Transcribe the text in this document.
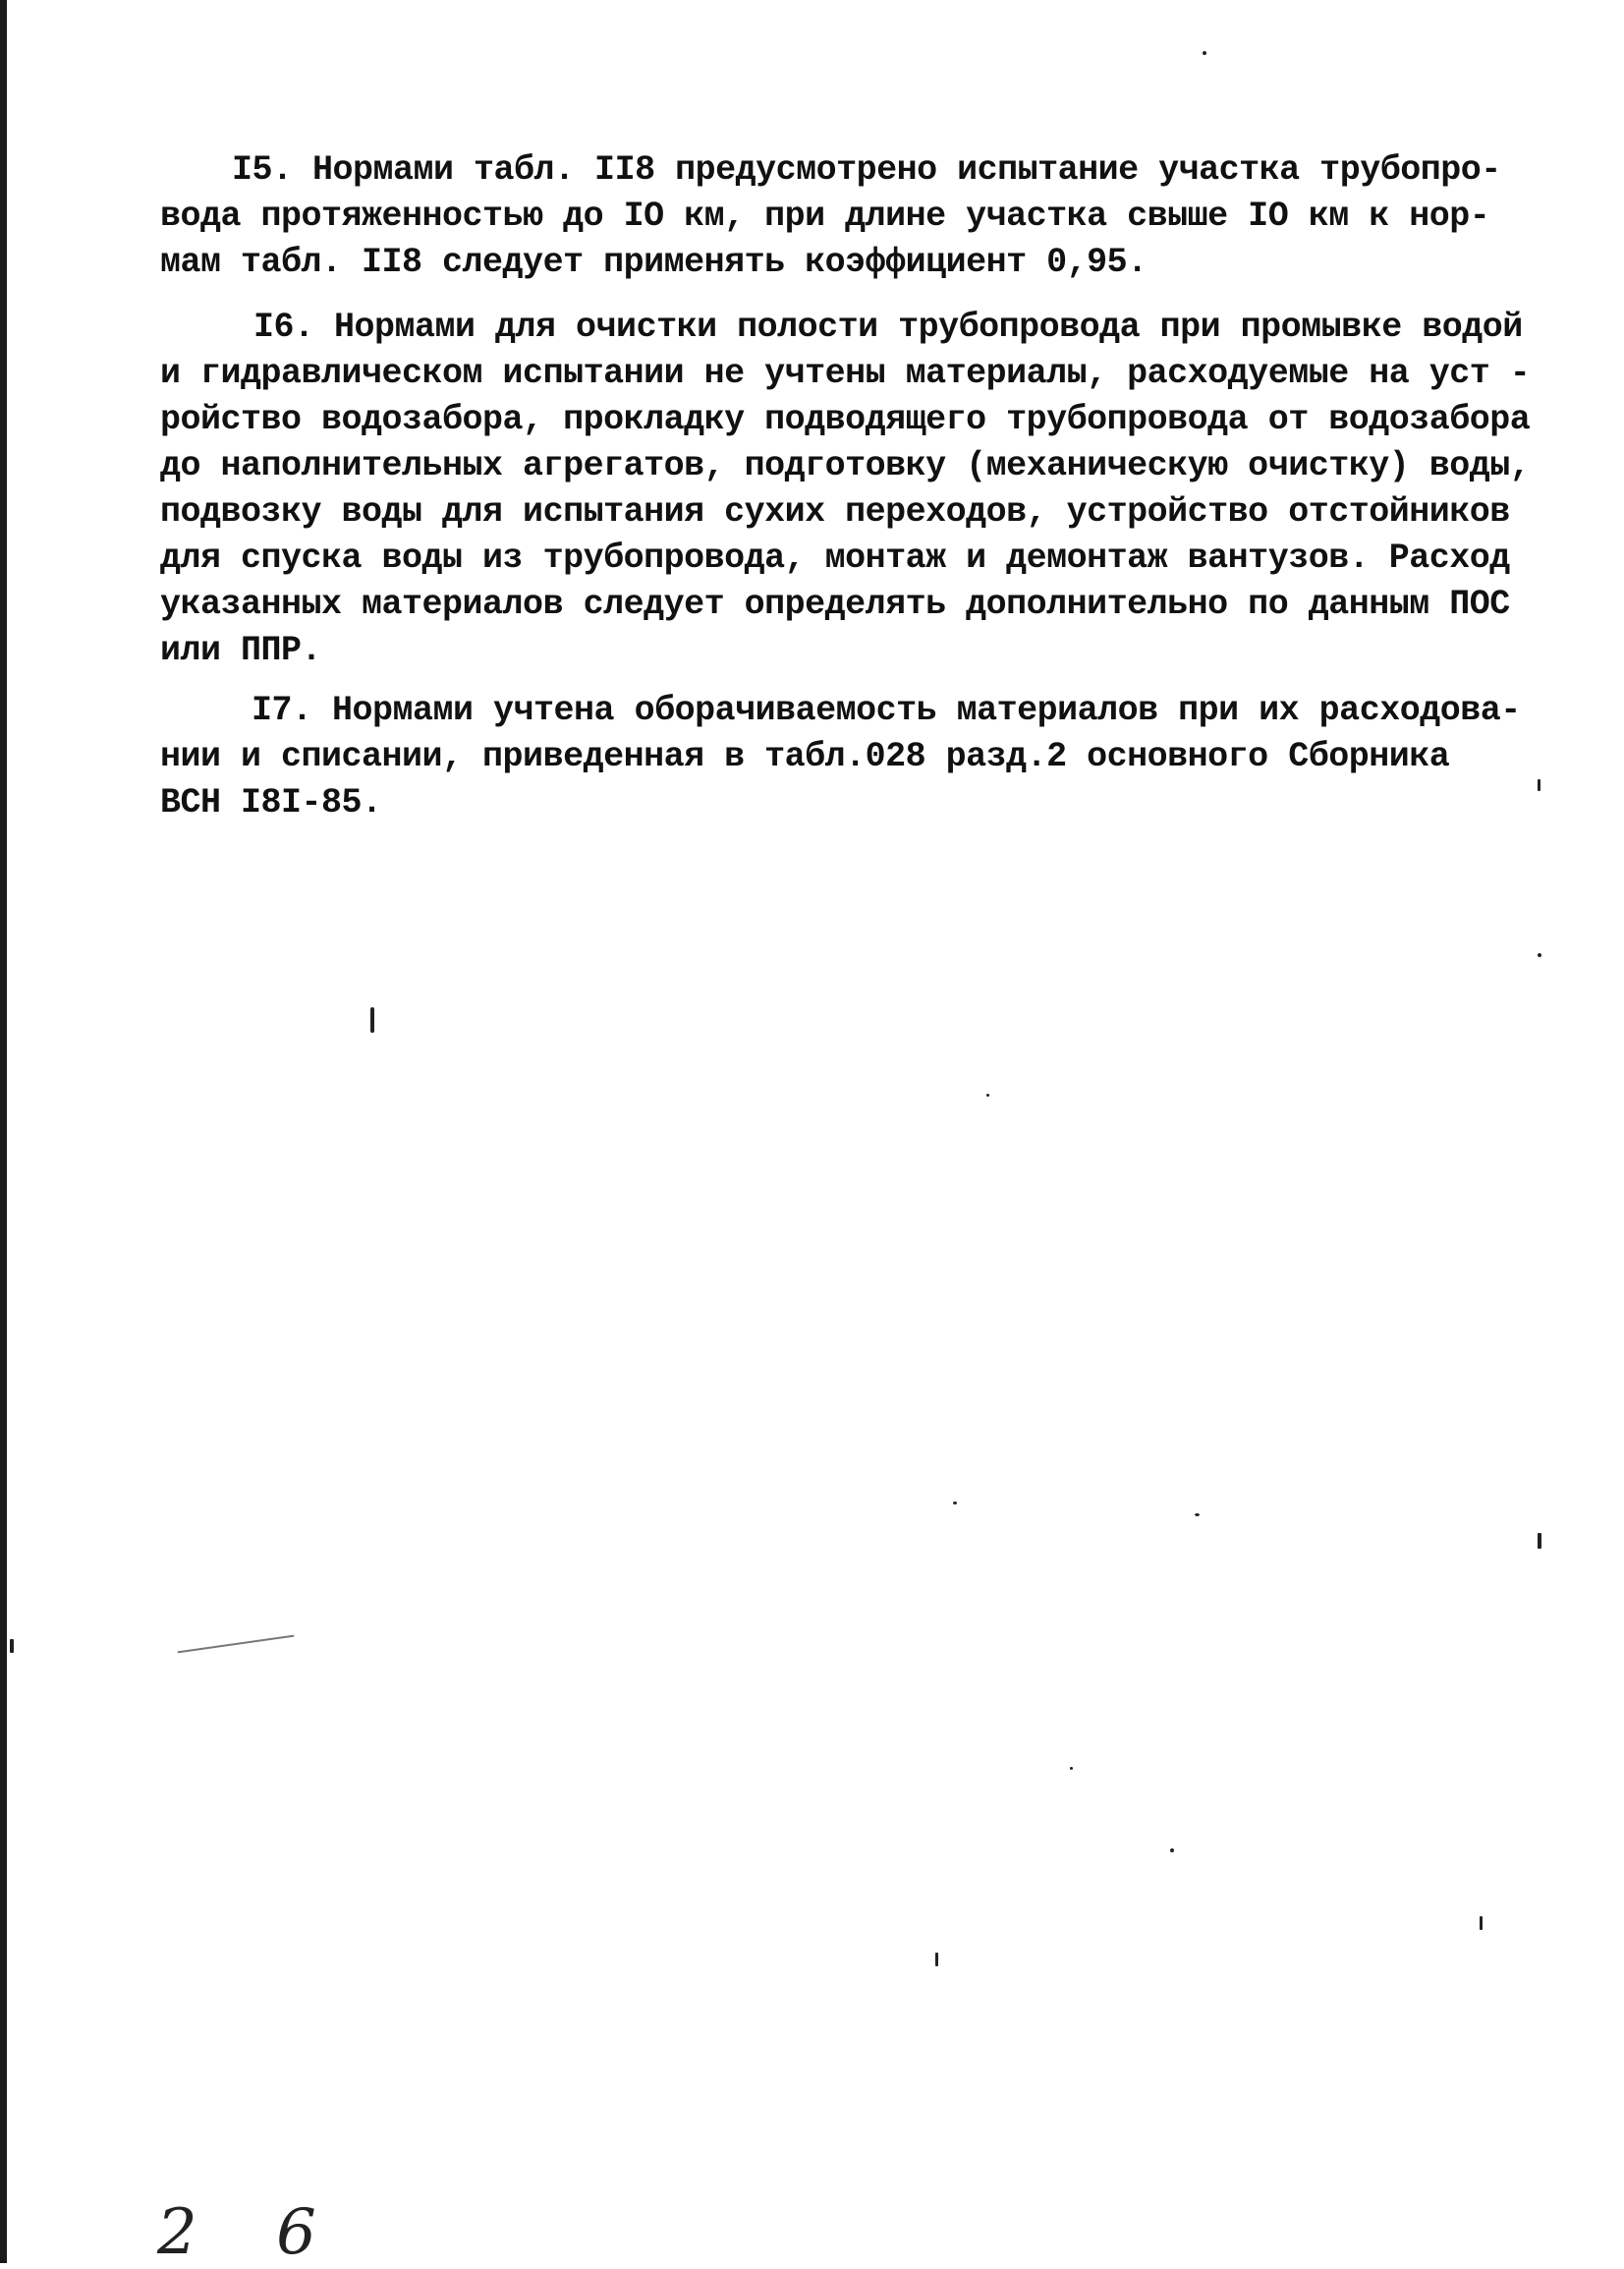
I5. Нормами табл. II8 предусмотрено испытание участка трубопро-
вода протяженностью до IO км, при длине участка свыше IO км к нор-
мам табл. II8 следует применять коэффициент 0,95.
I6. Нормами для очистки полости трубопровода при промывке водой
и гидравлическом испытании не учтены материалы, расходуемые на уст -
ройство водозабора, прокладку подводящего трубопровода от водозабора
до наполнительных агрегатов, подготовку (механическую очистку) воды,
подвозку воды для испытания сухих переходов, устройство отстойников
для спуска воды из трубопровода, монтаж и демонтаж вантузов. Расход
указанных материалов следует определять дополнительно по данным ПОС
или ППР.
I7. Нормами учтена оборачиваемость материалов при их расходова-
нии и списании, приведенная в табл.028 разд.2 основного Сборника
ВСН I8I-85.
2 6
